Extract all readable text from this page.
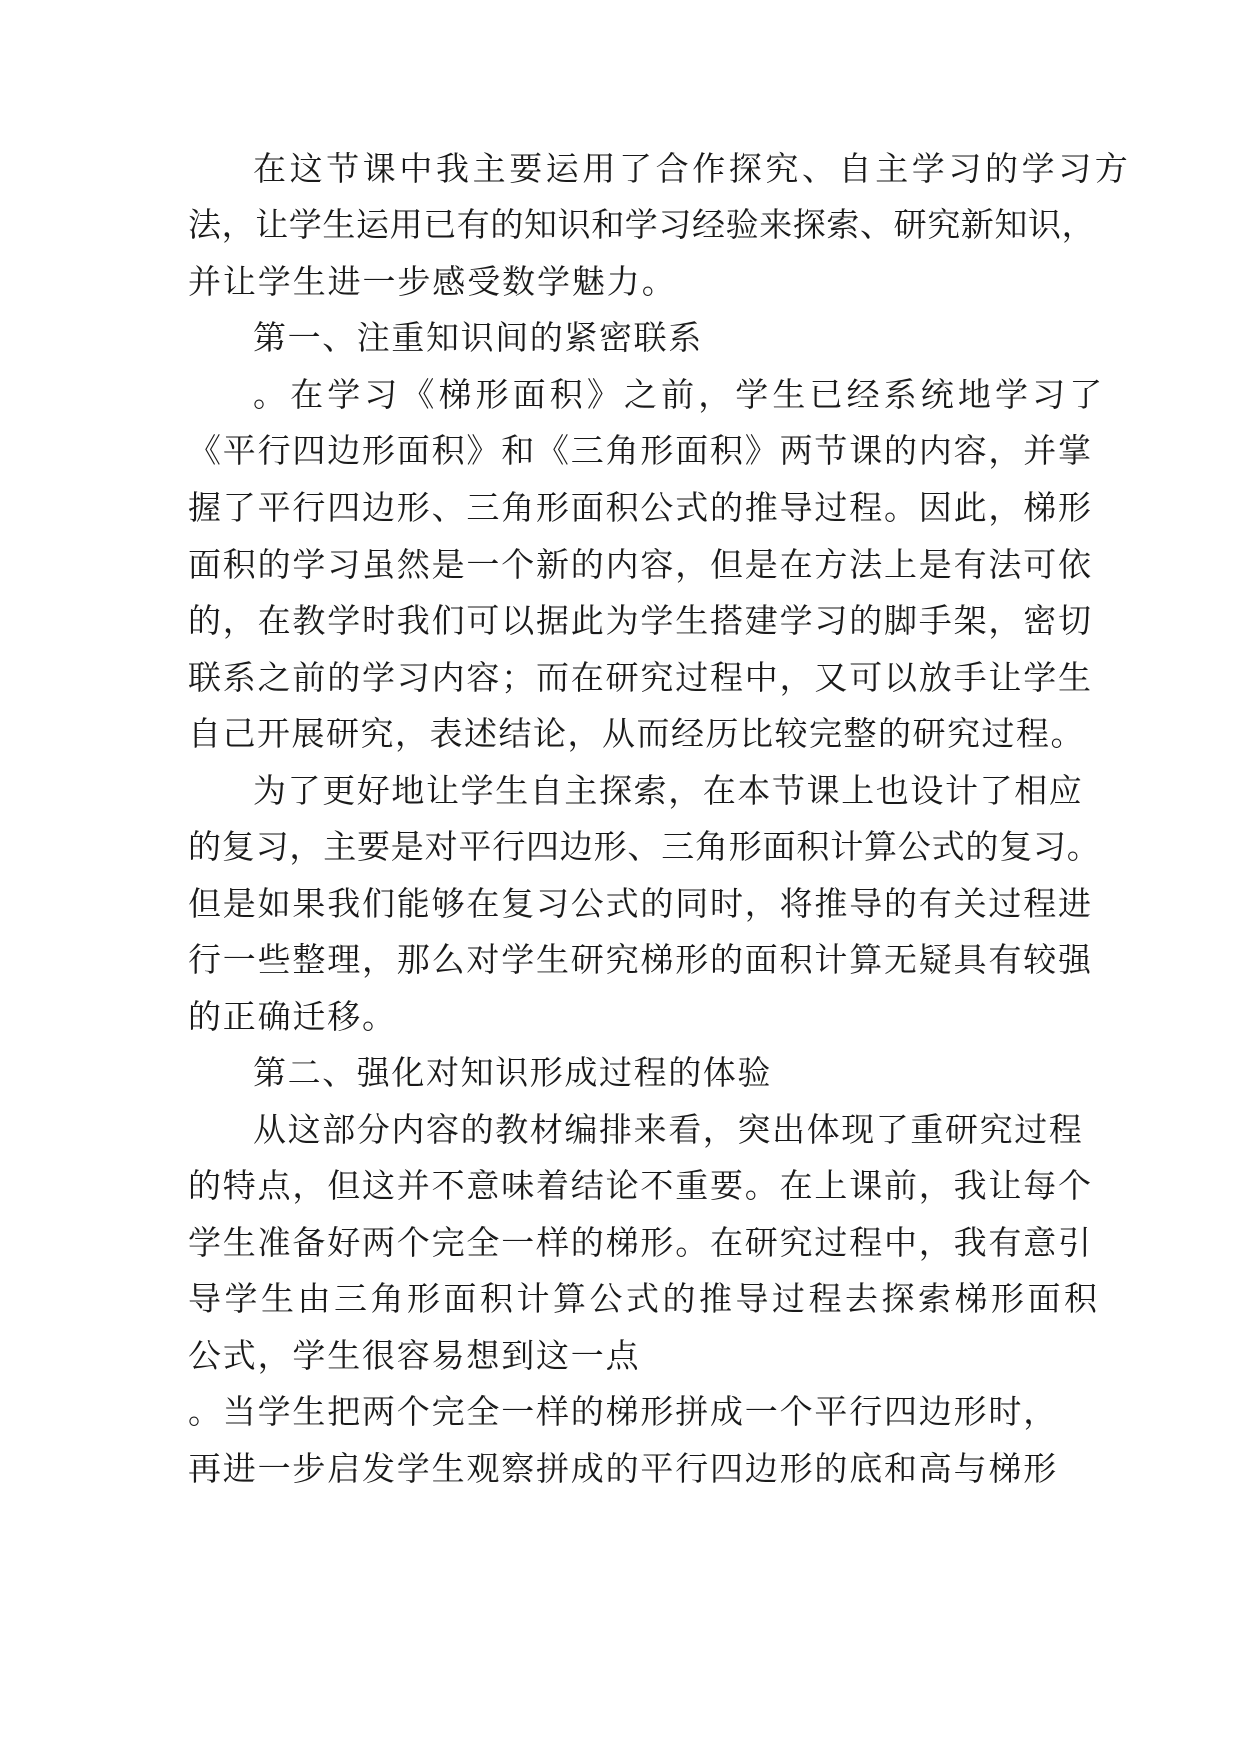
在这节课中我主要运用了合作探究、自主学习的学习方
法，让学生运用已有的知识和学习经验来探索、研究新知识，
并让学生进一步感受数学魅力。
第一、注重知识间的紧密联系
。在学习《梯形面积》之前，学生已经系统地学习了
《平行四边形面积》和《三角形面积》两节课的内容，并掌
握了平行四边形、三角形面积公式的推导过程。因此，梯形
面积的学习虽然是一个新的内容，但是在方法上是有法可依
的，在教学时我们可以据此为学生搭建学习的脚手架，密切
联系之前的学习内容；而在研究过程中，又可以放手让学生
自己开展研究，表述结论，从而经历比较完整的研究过程。
为了更好地让学生自主探索，在本节课上也设计了相应
的复习，主要是对平行四边形、三角形面积计算公式的复习。
但是如果我们能够在复习公式的同时，将推导的有关过程进
行一些整理，那么对学生研究梯形的面积计算无疑具有较强
的正确迁移。
第二、强化对知识形成过程的体验
从这部分内容的教材编排来看，突出体现了重研究过程
的特点，但这并不意味着结论不重要。在上课前，我让每个
学生准备好两个完全一样的梯形。在研究过程中，我有意引
导学生由三角形面积计算公式的推导过程去探索梯形面积
公式，学生很容易想到这一点
。当学生把两个完全一样的梯形拼成一个平行四边形时，
再进一步启发学生观察拼成的平行四边形的底和高与梯形
